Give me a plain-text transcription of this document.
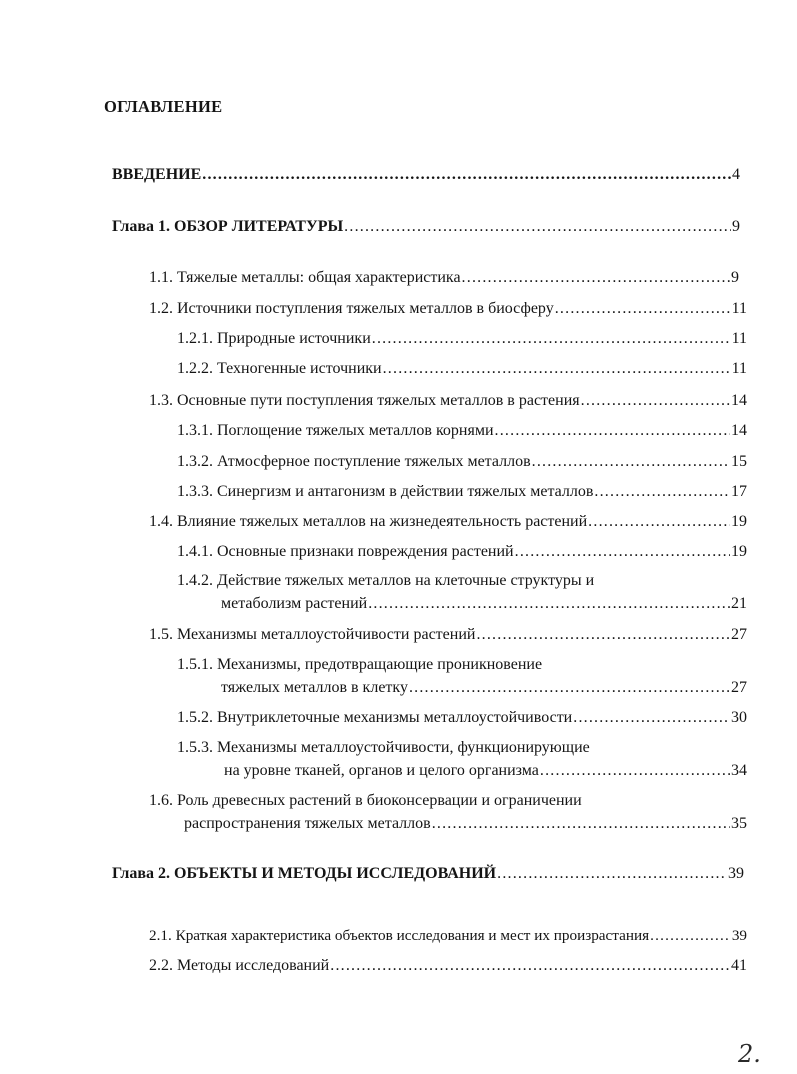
ОГЛАВЛЕНИЕ
ВВЕДЕНИЕ .....	4
Глава 1. ОБЗОР ЛИТЕРАТУРЫ .....	9
1.1. Тяжелые металлы: общая характеристика .....	9
1.2. Источники поступления тяжелых металлов в биосферу .....	11
1.2.1. Природные источники .....	11
1.2.2. Техногенные источники .....	11
1.3. Основные пути поступления тяжелых металлов в растения .....	14
1.3.1. Поглощение тяжелых металлов корнями .....	14
1.3.2. Атмосферное поступление тяжелых металлов .....	15
1.3.3. Синергизм и антагонизм в действии тяжелых металлов .....	17
1.4. Влияние тяжелых металлов на жизнедеятельность растений .....	19
1.4.1. Основные признаки повреждения растений .....	19
1.4.2. Действие тяжелых металлов на клеточные структуры и
метаболизм растений .....	21
1.5. Механизмы металлоустойчивости растений .....	27
1.5.1. Механизмы, предотвращающие проникновение
тяжелых металлов в клетку .....	27
1.5.2. Внутриклеточные механизмы металлоустойчивости .....	30
1.5.3. Механизмы металлоустойчивости, функционирующие
на уровне тканей, органов и целого организма .....	34
1.6. Роль древесных растений в биоконсервации и ограничении
распространения тяжелых металлов .....	35
Глава 2. ОБЪЕКТЫ И МЕТОДЫ ИССЛЕДОВАНИЙ .....	39
2.1. Краткая характеристика объектов исследования и мест их произрастания .....	39
2.2. Методы исследований .....	41
2.
